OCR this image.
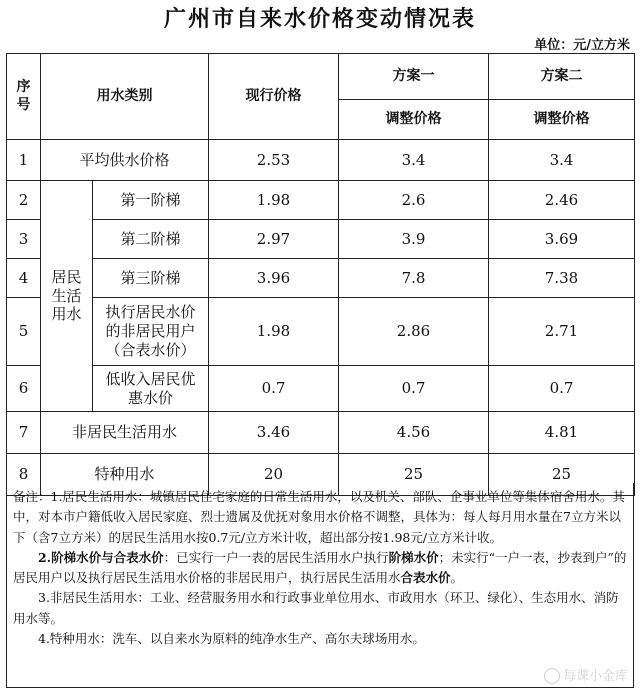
广州市自来水价格变动情况表
单位：元/立方米
序
号	用水类别		现行价格	方案一	方案二
				调整价格	调整价格
1	平均供水价格		2.53	3.4	3.4
2	居民
生活
用水	第一阶梯	1.98	2.6	2.46
3		第二阶梯	2.97	3.9	3.69
4		第三阶梯	3.96	7.8	7.38
5		执行居民水价
的非居民用户
（合表水价）	1.98	2.86	2.71
6		低收入居民优
惠水价	0.7	0.7	0.7
7	非居民生活用水		3.46	4.56	4.81
8	特种用水		20	25	25

备注：1.居民生活用水：城镇居民住宅家庭的日常生活用水，以及机关、部队、企事业单位等集体宿舍用水。其中，对本市户籍低收入居民家庭、烈士遗属及优抚对象用水价格不调整，具体为：每人每月用水量在7立方米以下（含7立方米）的居民生活用水按0.7元/立方米计收，超出部分按1.98元/立方米计收。

2.阶梯水价与合表水价：已实行一户一表的居民生活用水户执行阶梯水价；未实行“一户一表，抄表到户”的居民用户以及执行居民生活用水价格的非居民用户，执行居民生活用水合表水价。

3.非居民生活用水：工业、经营服务用水和行政事业单位用水、市政用水（环卫、绿化）、生态用水、消防用水等。

4.特种用水：洗车、以自来水为原料的纯净水生产、高尔夫球场用水。

每课小金库
